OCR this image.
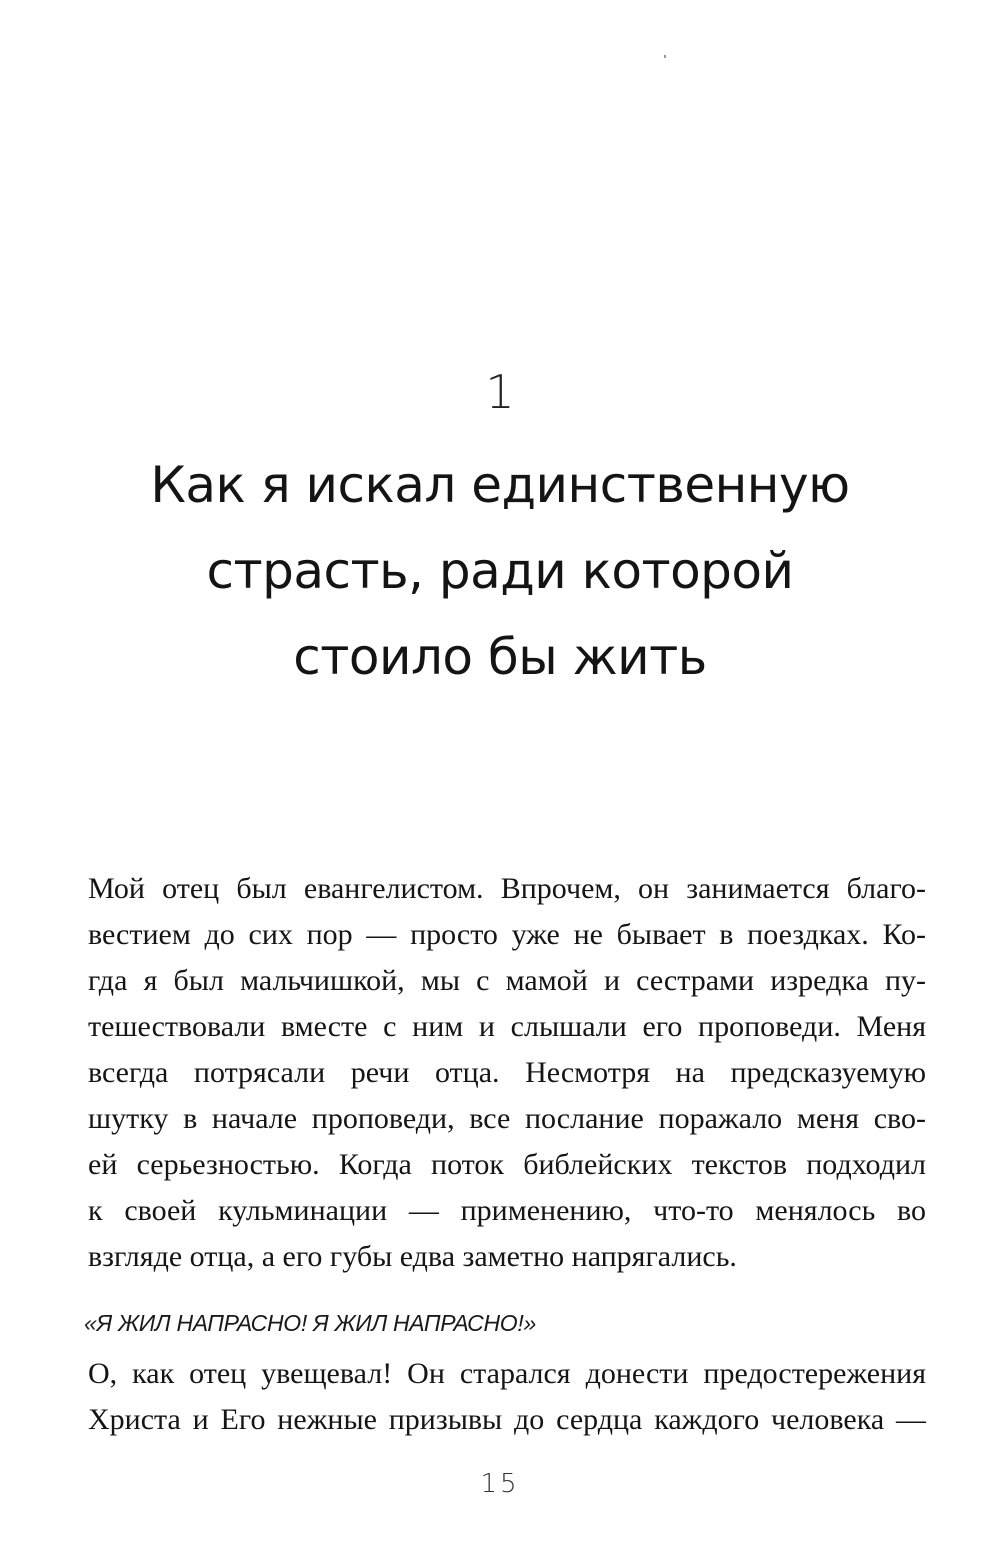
1
Как я искал единственную
страсть, ради которой
стоило бы жить
Мой отец был евангелистом. Впрочем, он занимается благо-
вестием до сих пор — просто уже не бывает в поездках. Ко-
гда я был мальчишкой, мы с мамой и сестрами изредка пу-
тешествовали вместе с ним и слышали его проповеди. Меня
всегда потрясали речи отца. Несмотря на предсказуемую
шутку в начале проповеди, все послание поражало меня сво-
ей серьезностью. Когда поток библейских текстов подходил
к своей кульминации — применению, что-то менялось во
взгляде отца, а его губы едва заметно напрягались.
«Я ЖИЛ НАПРАСНО! Я ЖИЛ НАПРАСНО!»
О, как отец увещевал! Он старался донести предостережения
Христа и Его нежные призывы до сердца каждого человека —
15
